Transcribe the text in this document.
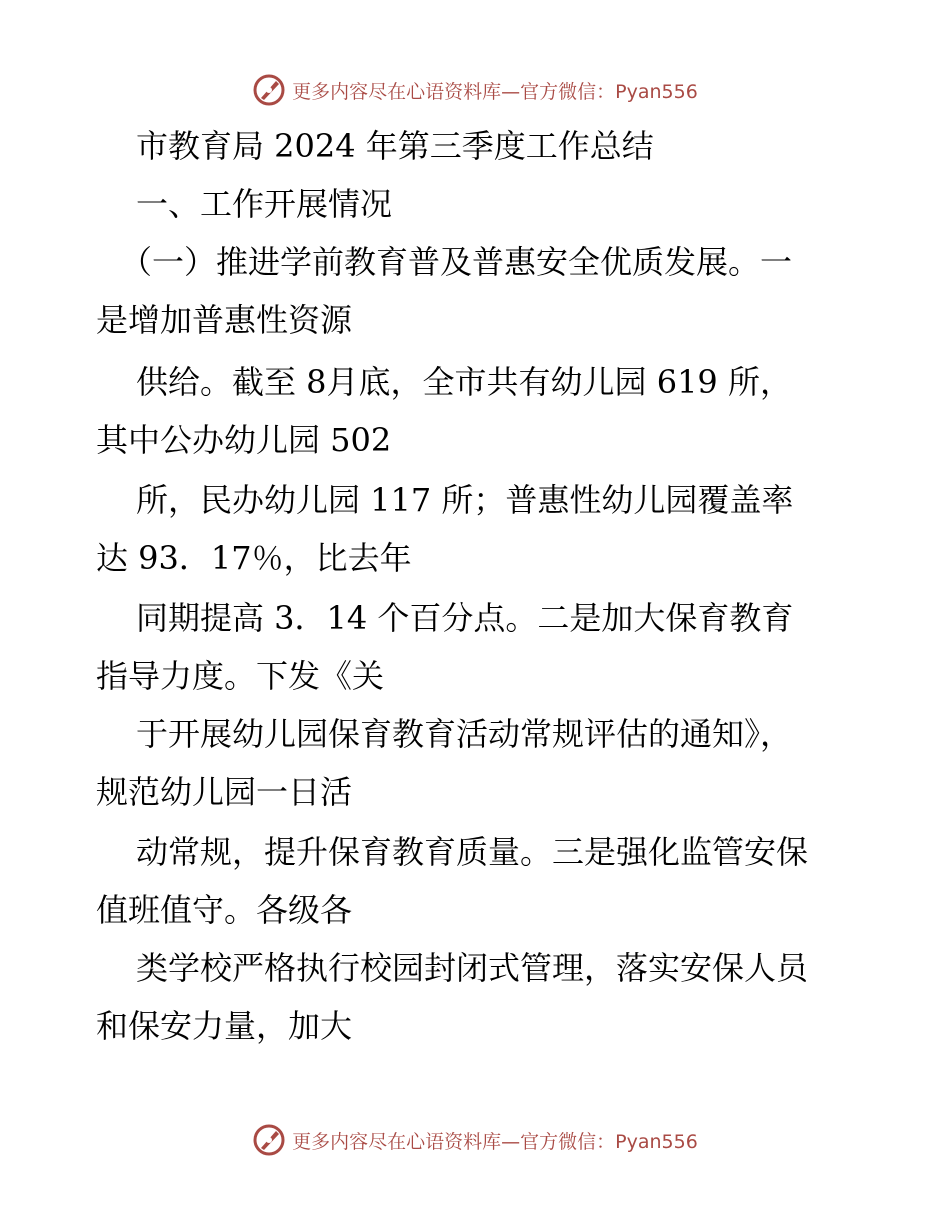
更多内容尽在心语资料库—官方微信：Pyan556
市教育局 2024 年第三季度工作总结
一、工作开展情况
（一）推进学前教育普及普惠安全优质发展。一
是增加普惠性资源
供给。截至 8月底，全市共有幼儿园 619 所，
其中公办幼儿园 502
所，民办幼儿园 117 所；普惠性幼儿园覆盖率
达 93．17％，比去年
同期提高 3．14 个百分点。二是加大保育教育
指导力度。下发《关
于开展幼儿园保育教育活动常规评估的通知》，
规范幼儿园一日活
动常规，提升保育教育质量。三是强化监管安保
值班值守。各级各
类学校严格执行校园封闭式管理，落实安保人员
和保安力量，加大
更多内容尽在心语资料库—官方微信：Pyan556
